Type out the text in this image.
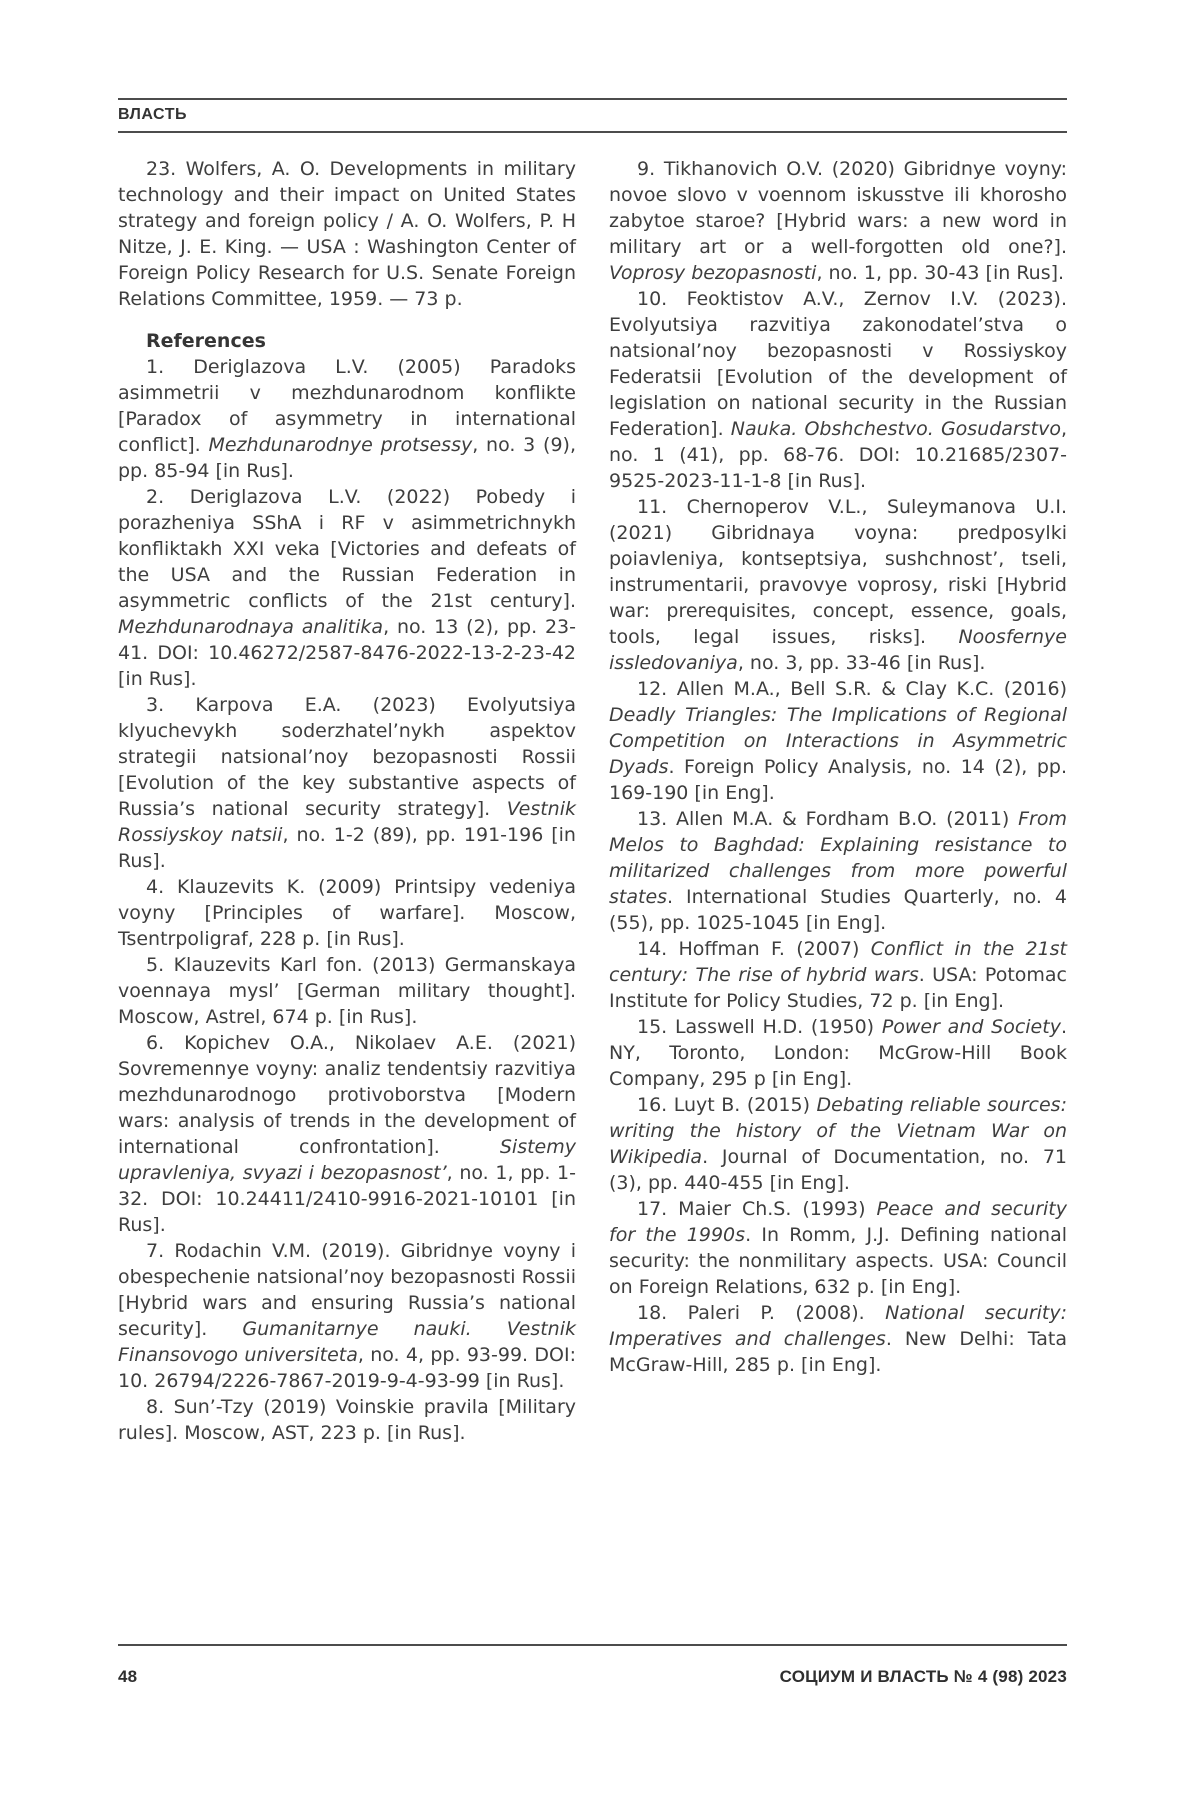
ВЛАСТЬ

23. Wolfers, A. O. Developments in military technology and their impact on United States strategy and foreign policy / A. O. Wolfers, P. H Nitze, J. E. King. — USA : Washington Center of Foreign Policy Research for U.S. Senate Foreign Relations Committee, 1959. — 73 p.

References

1. Deriglazova L.V. (2005) Paradoks asimmetrii v mezhdunarodnom konflikte [Paradox of asymmetry in international conflict]. Mezhdunarodnye protsessy, no. 3 (9), pp. 85-94 [in Rus].

2. Deriglazova L.V. (2022) Pobedy i porazheniya SShA i RF v asimmetrichnykh konfliktakh XXI veka [Victories and defeats of the USA and the Russian Federation in asymmetric conflicts of the 21st century]. Mezhdunarodnaya analitika, no. 13 (2), pp. 23-41. DOI: 10.46272/2587-8476-2022-13-2-23-42 [in Rus].

3. Karpova E.A. (2023) Evolyutsiya klyuchevykh soderzhatel’nykh aspektov strategii natsional’noy bezopasnosti Rossii [Evolution of the key substantive aspects of Russia’s national security strategy]. Vestnik Rossiyskoy natsii, no. 1-2 (89), pp. 191-196 [in Rus].

4. Klauzevits K. (2009) Printsipy vedeniya voyny [Principles of warfare]. Moscow, Tsentrpoligraf, 228 p. [in Rus].

5. Klauzevits Karl fon. (2013) Germanskaya voennaya mysl’ [German military thought]. Moscow, Astrel, 674 p. [in Rus].

6. Kopichev O.A., Nikolaev A.E. (2021) Sovremennye voyny: analiz tendentsiy razvitiya mezhdunarodnogo protivoborstva [Modern wars: analysis of trends in the development of international confrontation]. Sistemy upravleniya, svyazi i bezopasnost’, no. 1, pp. 1-32. DOI: 10.24411/2410-9916-2021-10101 [in Rus].

7. Rodachin V.M. (2019). Gibridnye voyny i obespechenie natsional’noy bezopasnosti Rossii [Hybrid wars and ensuring Russia’s national security]. Gumanitarnye nauki. Vestnik Finansovogo universiteta, no. 4, pp. 93-99. DOI: 10. 26794/2226-7867-2019-9-4-93-99 [in Rus].

8. Sun’-Tzy (2019) Voinskie pravila [Military rules]. Moscow, AST, 223 p. [in Rus].

9. Tikhanovich O.V. (2020) Gibridnye voyny: novoe slovo v voennom iskusstve ili khorosho zabytoe staroe? [Hybrid wars: a new word in military art or a well-forgotten old one?]. Voprosy bezopasnosti, no. 1, pp. 30-43 [in Rus].

10. Feoktistov A.V., Zernov I.V. (2023). Evolyutsiya razvitiya zakonodatel’stva o natsional’noy bezopasnosti v Rossiyskoy Federatsii [Evolution of the development of legislation on national security in the Russian Federation]. Nauka. Obshchestvo. Gosudarstvo, no. 1 (41), pp. 68-76. DOI: 10.21685/2307-9525-2023-11-1-8 [in Rus].

11. Chernoperov V.L., Suleymanova U.I. (2021) Gibridnaya voyna: predposylki poiavleniya, kontseptsiya, sushchnost’, tseli, instrumentarii, pravovye voprosy, riski [Hybrid war: prerequisites, concept, essence, goals, tools, legal issues, risks]. Noosfernye issledovaniya, no. 3, pp. 33-46 [in Rus].

12. Allen M.A., Bell S.R. & Clay K.C. (2016) Deadly Triangles: The Implications of Regional Competition on Interactions in Asymmetric Dyads. Foreign Policy Analysis, no. 14 (2), pp. 169-190 [in Eng].

13. Allen M.A. & Fordham B.O. (2011) From Melos to Baghdad: Explaining resistance to militarized challenges from more powerful states. International Studies Quarterly, no. 4 (55), pp. 1025-1045 [in Eng].

14. Hoffman F. (2007) Conflict in the 21st century: The rise of hybrid wars. USA: Potomac Institute for Policy Studies, 72 p. [in Eng].

15. Lasswell H.D. (1950) Power and Society. NY, Toronto, London: McGrow-Hill Book Company, 295 p [in Eng].

16. Luyt B. (2015) Debating reliable sources: writing the history of the Vietnam War on Wikipedia. Journal of Documentation, no. 71 (3), pp. 440-455 [in Eng].

17. Maier Ch.S. (1993) Peace and security for the 1990s. In Romm, J.J. Defining national security: the nonmilitary aspects. USA: Council on Foreign Relations, 632 p. [in Eng].

18. Paleri P. (2008). National security: Imperatives and challenges. New Delhi: Tata McGraw-Hill, 285 p. [in Eng].

48	СОЦИУМ И ВЛАСТЬ № 4 (98) 2023
